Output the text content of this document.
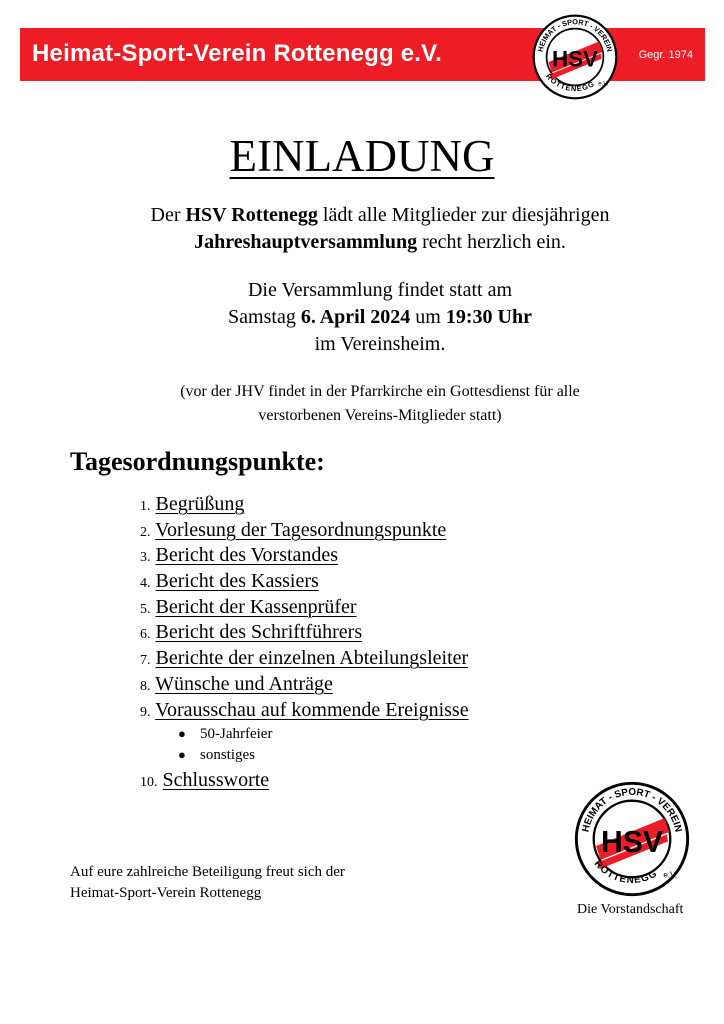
Heimat-Sport-Verein Rottenegg e.V.	Gegr. 1974
HEIMAT - SPORT - VEREIN
ROTTENEGG e.V.
HSV
EINLADUNG
Der HSV Rottenegg lädt alle Mitglieder zur diesjährigen
Jahreshauptversammlung recht herzlich ein.
Die Versammlung findet statt am
Samstag 6. April 2024 um 19:30 Uhr
im Vereinsheim.
(vor der JHV findet in der Pfarrkirche ein Gottesdienst für alle
verstorbenen Vereins-Mitglieder statt)
Tagesordnungspunkte:
1. Begrüßung
2. Vorlesung der Tagesordnungspunkte
3. Bericht des Vorstandes
4. Bericht des Kassiers
5. Bericht der Kassenprüfer
6. Bericht des Schriftführers
7. Berichte der einzelnen Abteilungsleiter
8. Wünsche und Anträge
9. Vorausschau auf kommende Ereignisse
● 50-Jahrfeier
● sonstiges
10. Schlussworte
HEIMAT - SPORT - VEREIN
ROTTENEGG e.V.
HSV
Auf eure zahlreiche Beteiligung freut sich der
Heimat-Sport-Verein Rottenegg
Die Vorstandschaft
